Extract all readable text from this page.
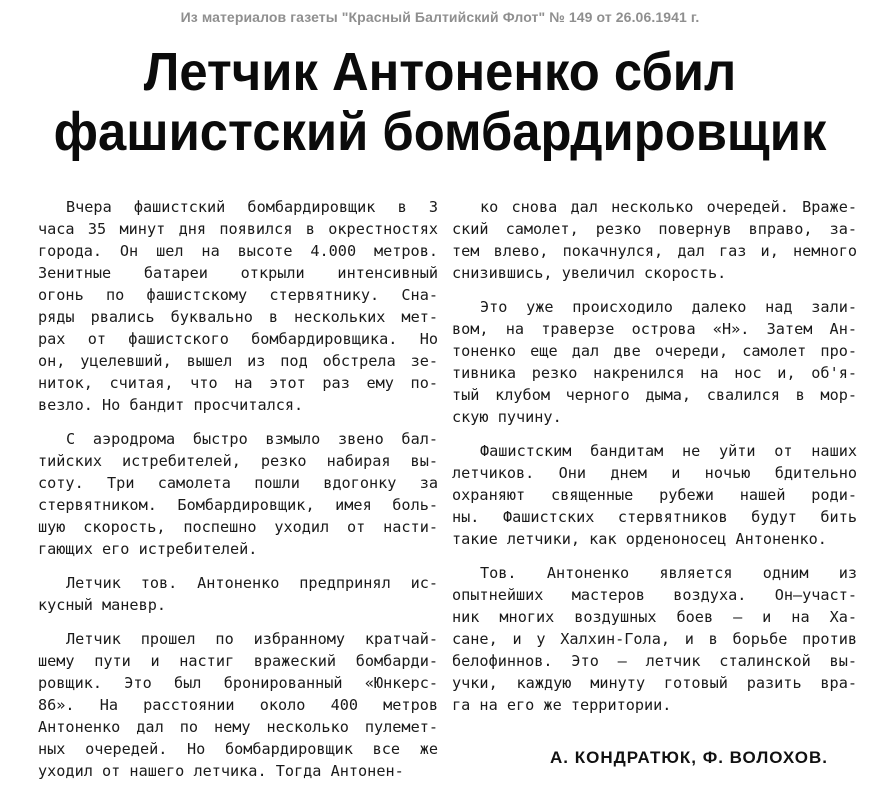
Из материалов газеты "Красный Балтийский Флот" № 149 от 26.06.1941 г.
Летчик Антоненко сбил
фашистский бомбардировщик
Вчера фашистский бомбардировщик в 3
часа 35 минут дня появился в окрестностях
города. Он шел на высоте 4.000 метров.
Зенитные батареи открыли интенсивный
огонь по фашистскому стервятнику. Сна-
ряды рвались буквально в нескольких мет-
рах от фашистского бомбардировщика. Но
он, уцелевший, вышел из под обстрела зе-
ниток, считая, что на этот раз ему по-
везло. Но бандит просчитался.
С аэродрома быстро взмыло звено бал-
тийских истребителей, резко набирая вы-
соту. Три самолета пошли вдогонку за
стервятником. Бомбардировщик, имея боль-
шую скорость, поспешно уходил от насти-
гающих его истребителей.
Летчик тов. Антоненко предпринял ис-
кусный маневр.
Летчик прошел по избранному кратчай-
шему пути и настиг вражеский бомбарди-
ровщик. Это был бронированный «Юнкерс-
86». На расстоянии около 400 метров
Антоненко дал по нему несколько пулемет-
ных очередей. Но бомбардировщик все же
уходил от нашего летчика. Тогда Антонен-
ко снова дал несколько очередей. Враже-
ский самолет, резко повернув вправо, за-
тем влево, покачнулся, дал газ и, немного
снизившись, увеличил скорость.
Это уже происходило далеко над зали-
вом, на траверзе острова «Н». Затем Ан-
тоненко еще дал две очереди, самолет про-
тивника резко накренился на нос и, об'я-
тый клубом черного дыма, свалился в мор-
скую пучину.
Фашистским бандитам не уйти от наших
летчиков. Они днем и ночью бдительно
охраняют священные рубежи нашей роди-
ны. Фашистских стервятников будут бить
такие летчики, как орденоносец Антоненко.
Тов. Антоненко является одним из
опытнейших мастеров воздуха. Он—участ-
ник многих воздушных боев — и на Ха-
сане, и у Халхин-Гола, и в борьбе против
белофиннов. Это — летчик сталинской вы-
учки, каждую минуту готовый разить вра-
га на его же территории.
А. КОНДРАТЮК, Ф. ВОЛОХОВ.
